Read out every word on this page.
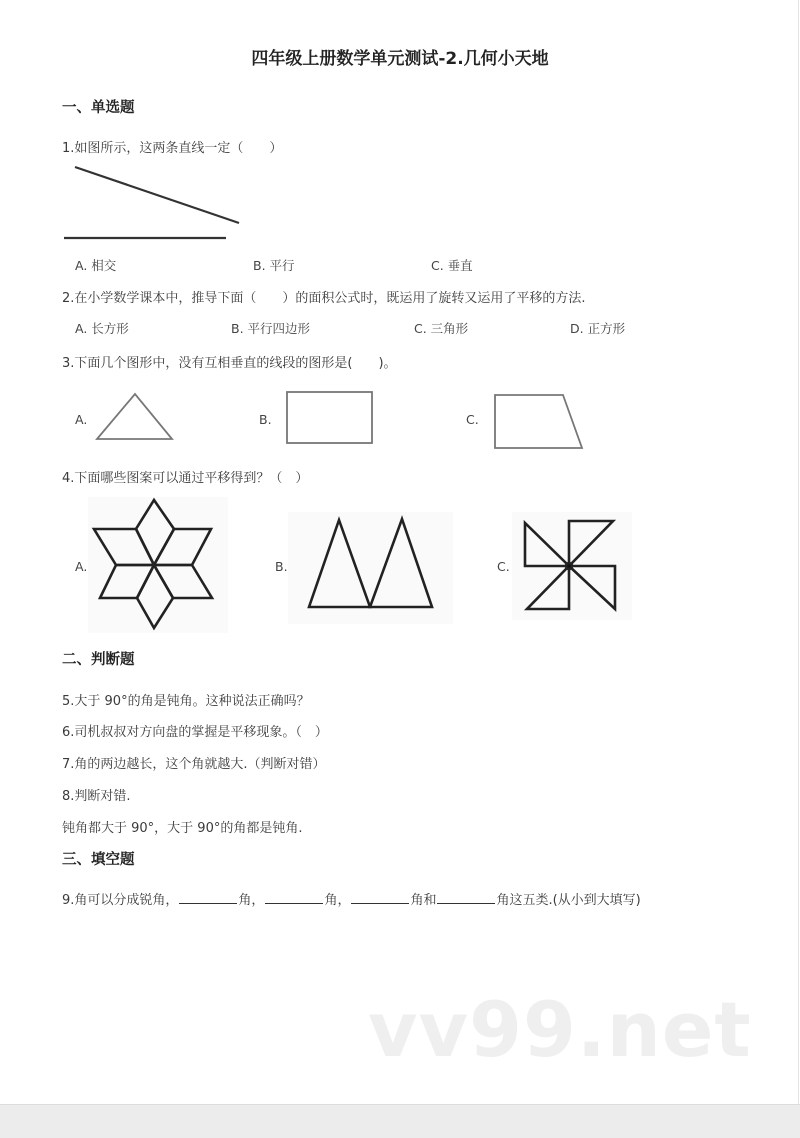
四年级上册数学单元测试-2.几何小天地
一、单选题
1.如图所示，这两条直线一定（　　）
A. 相交	B. 平行	C. 垂直
2.在小学数学课本中，推导下面（　　）的面积公式时，既运用了旋转又运用了平移的方法.
A. 长方形	B. 平行四边形	C. 三角形	D. 正方形
3.下面几个图形中，没有互相垂直的线段的图形是(　　)。
A.	B.	C.
4.下面哪些图案可以通过平移得到？（　）
A.	B.	C.
二、判断题
5.大于 90°的角是钝角。这种说法正确吗？
6.司机叔叔对方向盘的掌握是平移现象。（　）
7.角的两边越长，这个角就越大.（判断对错）
8.判断对错.
钝角都大于 90°，大于 90°的角都是钝角.
三、填空题
9.角可以分成锐角，	角，	角，	角和	角这五类.(从小到大填写)
vv99.net
